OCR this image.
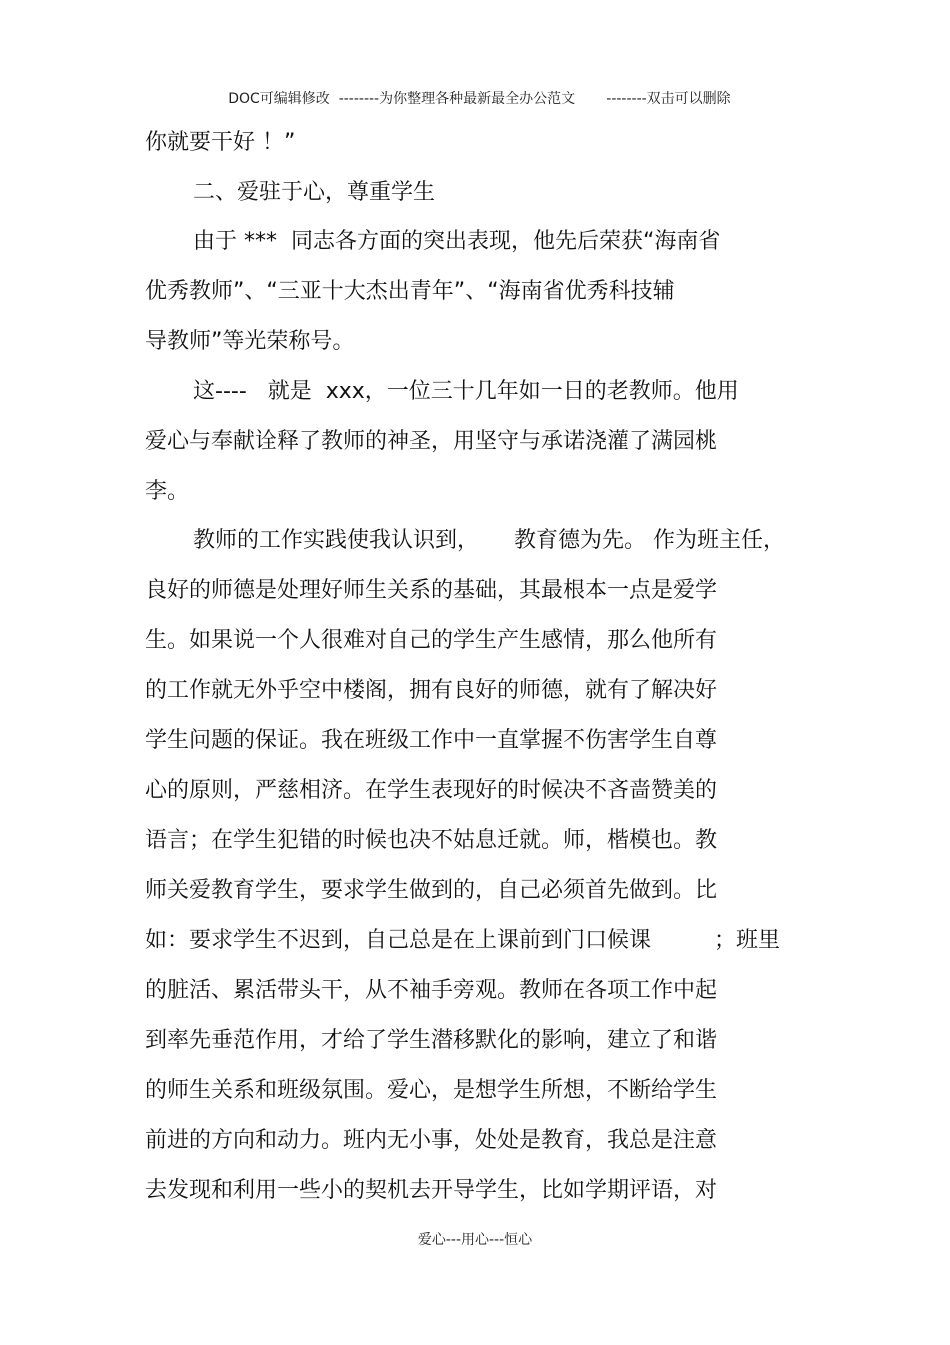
DOC可编辑修改 --------为你整理各种最新最全办公范文 --------双击可以删除

你就要干好 ！”
二、爱驻于心，尊重学生
由于 ***  同志各方面的突出表现，他先后荣获“海南省
优秀教师”、“三亚十大杰出青年”、“海南省优秀科技辅
导教师”等光荣称号。
这----   就是  xxx，一位三十几年如一日的老教师。他用
爱心与奉献诠释了教师的神圣，用坚守与承诺浇灌了满园桃
李。
教师的工作实践使我认识到，     教育德为先。 作为班主任，
良好的师德是处理好师生关系的基础，其最根本一点是爱学
生。如果说一个人很难对自己的学生产生感情，那么他所有
的工作就无外乎空中楼阁，拥有良好的师德，就有了解决好
学生问题的保证。我在班级工作中一直掌握不伤害学生自尊
心的原则，严慈相济。在学生表现好的时候决不吝啬赞美的
语言；在学生犯错的时候也决不姑息迁就。师，楷模也。教
师关爱教育学生，要求学生做到的，自己必须首先做到。比
如：要求学生不迟到，自己总是在上课前到门口候课         ；班里
的脏活、累活带头干，从不袖手旁观。教师在各项工作中起
到率先垂范作用，才给了学生潜移默化的影响，建立了和谐
的师生关系和班级氛围。爱心，是想学生所想，不断给学生
前进的方向和动力。班内无小事，处处是教育，我总是注意
去发现和利用一些小的契机去开导学生，比如学期评语，对
爱心---用心---恒心
